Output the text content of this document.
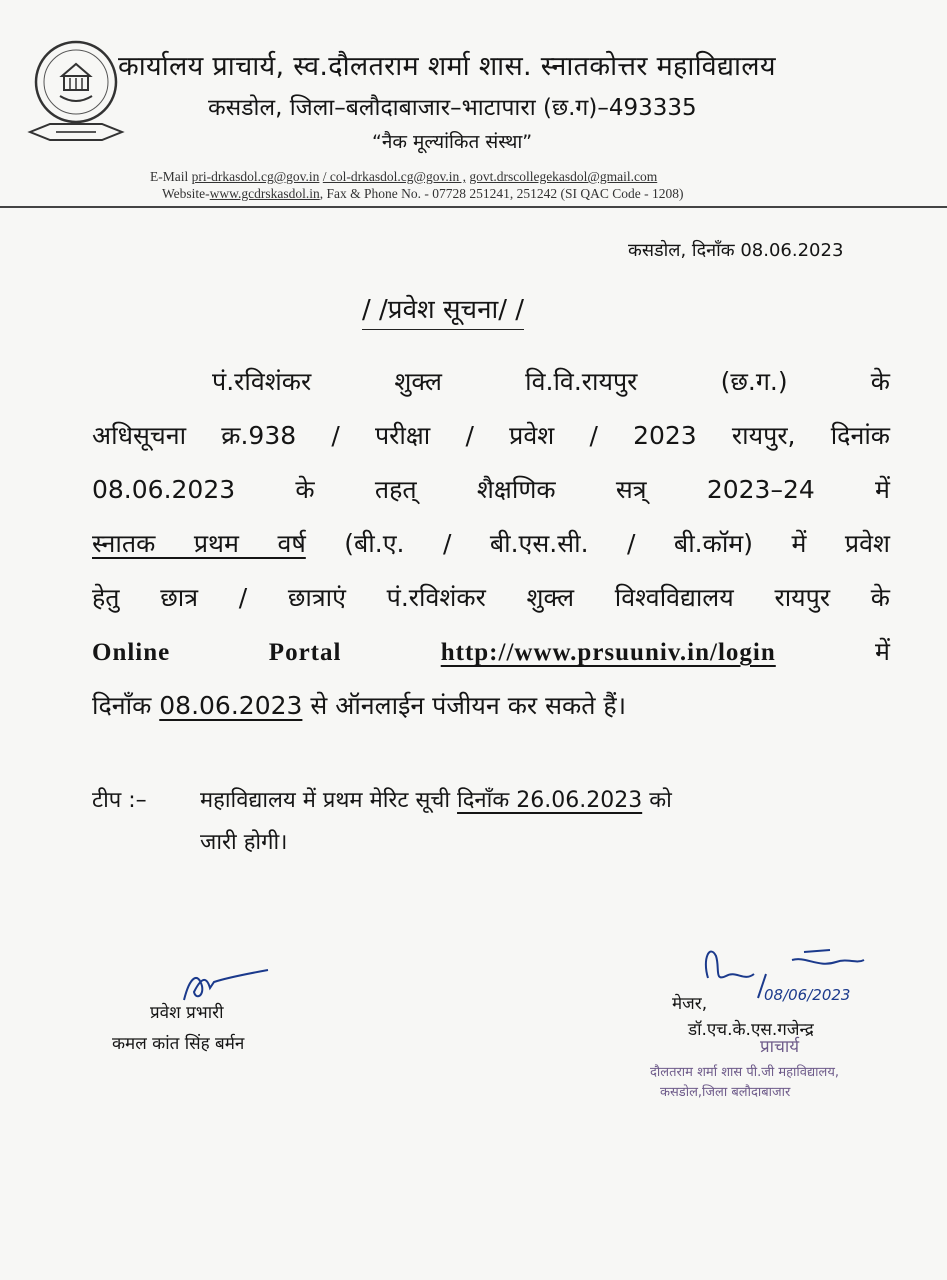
कार्यालय प्राचार्य, स्व.दौलतराम शर्मा शास. स्नातकोत्तर महाविद्यालय
कसडोल, जिला–बलौदाबाजार–भाटापारा (छ.ग)–493335
“नैक मूल्यांकित संस्था”
E-Mail pri-drkasdol.cg@gov.in / col-drkasdol.cg@gov.in , govt.drscollegekasdol@gmail.com
Website-www.gcdrskasdol.in, Fax & Phone No. - 07728 251241, 251242 (SI QAC Code - 1208)
कसडोल, दिनाँक 08.06.2023
/ /प्रवेश सूचना/ /
पं.रविशंकर शुक्ल वि.वि.रायपुर (छ.ग.) के
अधिसूचना क्र.938 / परीक्षा / प्रवेश / 2023 रायपुर, दिनांक
08.06.2023 के तहत् शैक्षणिक सत्र् 2023–24 में
स्नातक प्रथम वर्ष (बी.ए. / बी.एस.सी. / बी.कॉम) में प्रवेश
हेतु छात्र / छात्राएं पं.रविशंकर शुक्ल विश्वविद्यालय रायपुर के
Online Portal	http://www.prsuuniv.in/login	में
दिनाँक 08.06.2023 से ऑनलाईन पंजीयन कर सकते हैं।
टीप :– महाविद्यालय में प्रथम मेरिट सूची दिनाँक 26.06.2023 को
जारी होगी।
प्रवेश प्रभारी
कमल कांत सिंह बर्मन
08/06/2023
मेजर,
डॉ.एच.के.एस.गजेन्द्र
प्राचार्य
दौलतराम शर्मा शास पी.जी महाविद्यालय,
कसडोल,जिला बलौदाबाजार
